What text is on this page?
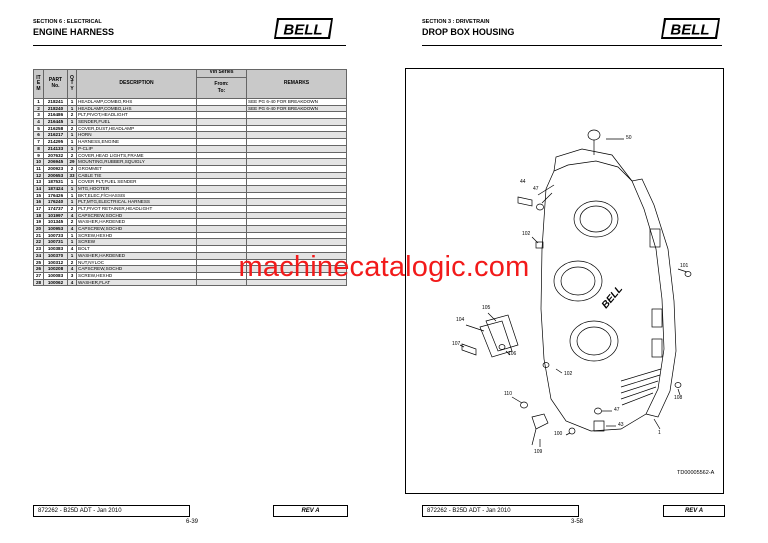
SECTION 6 : ELECTRICAL
ENGINE HARNESS	BELL
ITEM	PART No.	QTY	DESCRIPTION	Vin Series	REMARKS
				From:
To:	
1	218241	1	HEADLAMP,COMBO,RHS		SEE PG 6-40 FOR BREAKDOWN
2	218240	1	HEADLAMP,COMBO,LHS		SEE PG 6-40 FOR BREAKDOWN
3	216486	2	PLT,PIVOT,HEADLIGHT		
4	216445	1	SENDER,FUEL		
5	216258	2	COVER,DUST,HEADLAMP		
6	216217	1	HORN		
7	214295	1	HARNESS,ENGINE		
8	214133	1	P-CLIP		
9	207632	2	COVER,HEAD LIGHTS,FRAME		
10	206945	29	MOUNTING,RUBBER,SQUIGLY		
11	200923	2	GROMMET		
12	200653	33	CABLE TIE		
13	187531	1	COVER PLT,FUEL SENDER		
14	187424	1	MTG,HOOTER		
15	176426	1	BKT,ELEC,F/CHASSIS		
16	176240	1	PLT,MTG,ELECTRICAL HARNESS		
17	174737	2	PLT,PIVOT RETAINER,HEADLIGHT		
18	101997	4	CAPSCREW,SOCHD		
19	101345	2	WASHER,HARDENED		
20	100953	4	CAPSCREW,SOCHD		
21	100733	1	SCREW,HEXHD		
22	100731	1	SCREW		
23	100383	4	BOLT		
24	100370	1	WASHER,HARDENED		
25	100312	2	NUT,NYLOC		
26	100208	4	CAPSCREW,SOCHD		
27	100083	3	SCREW,HEXHD		
28	100062	4	WASHER,FLAT		
872262 - B25D ADT - Jan 2010	REV A
6-39
SECTION 3 : DRIVETRAIN
DROP BOX HOUSING	BELL
872262 - B25D ADT - Jan 2010	REV A
3-58
BELL
50
44
47
102
101
105
104
107
106
102
108
110
47
43
100
109
1
TD00005562-A
machinecatalogic.com
